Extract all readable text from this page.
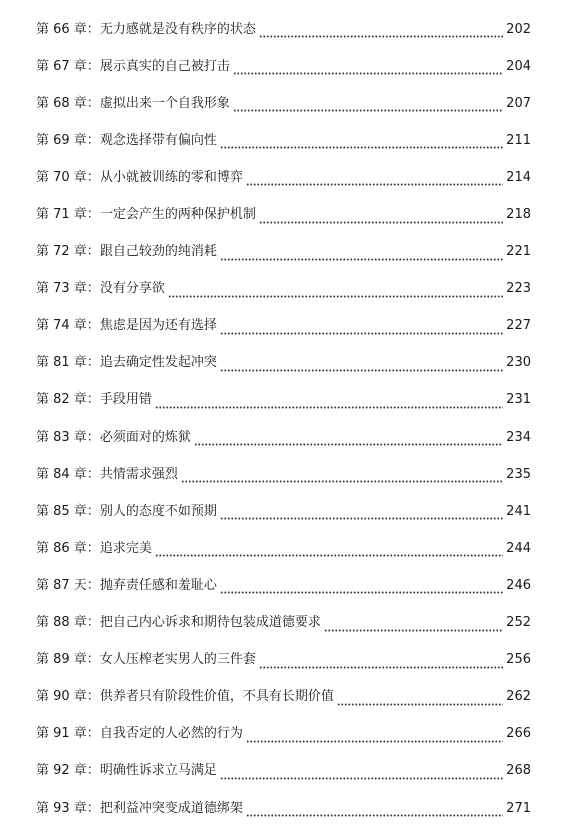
第 66 章： 无力感就是没有秩序的状态	202
第 67 章： 展示真实的自己被打击	204
第 68 章： 虚拟出来一个自我形象	207
第 69 章： 观念选择带有偏向性	211
第 70 章： 从小就被训练的零和博弈	214
第 71 章： 一定会产生的两种保护机制	218
第 72 章： 跟自己较劲的纯消耗	221
第 73 章： 没有分享欲	223
第 74 章： 焦虑是因为还有选择	227
第 81 章： 追去确定性发起冲突	230
第 82 章： 手段用错	231
第 83 章： 必须面对的炼狱	234
第 84 章： 共情需求强烈	235
第 85 章： 别人的态度不如预期	241
第 86 章： 追求完美	244
第 87 天： 抛弃责任感和羞耻心	246
第 88 章： 把自己内心诉求和期待包装成道德要求	252
第 89 章： 女人压榨老实男人的三件套	256
第 90 章： 供养者只有阶段性价值，不具有长期价值	262
第 91 章： 自我否定的人必然的行为	266
第 92 章： 明确性诉求立马满足	268
第 93 章： 把利益冲突变成道德绑架	271
